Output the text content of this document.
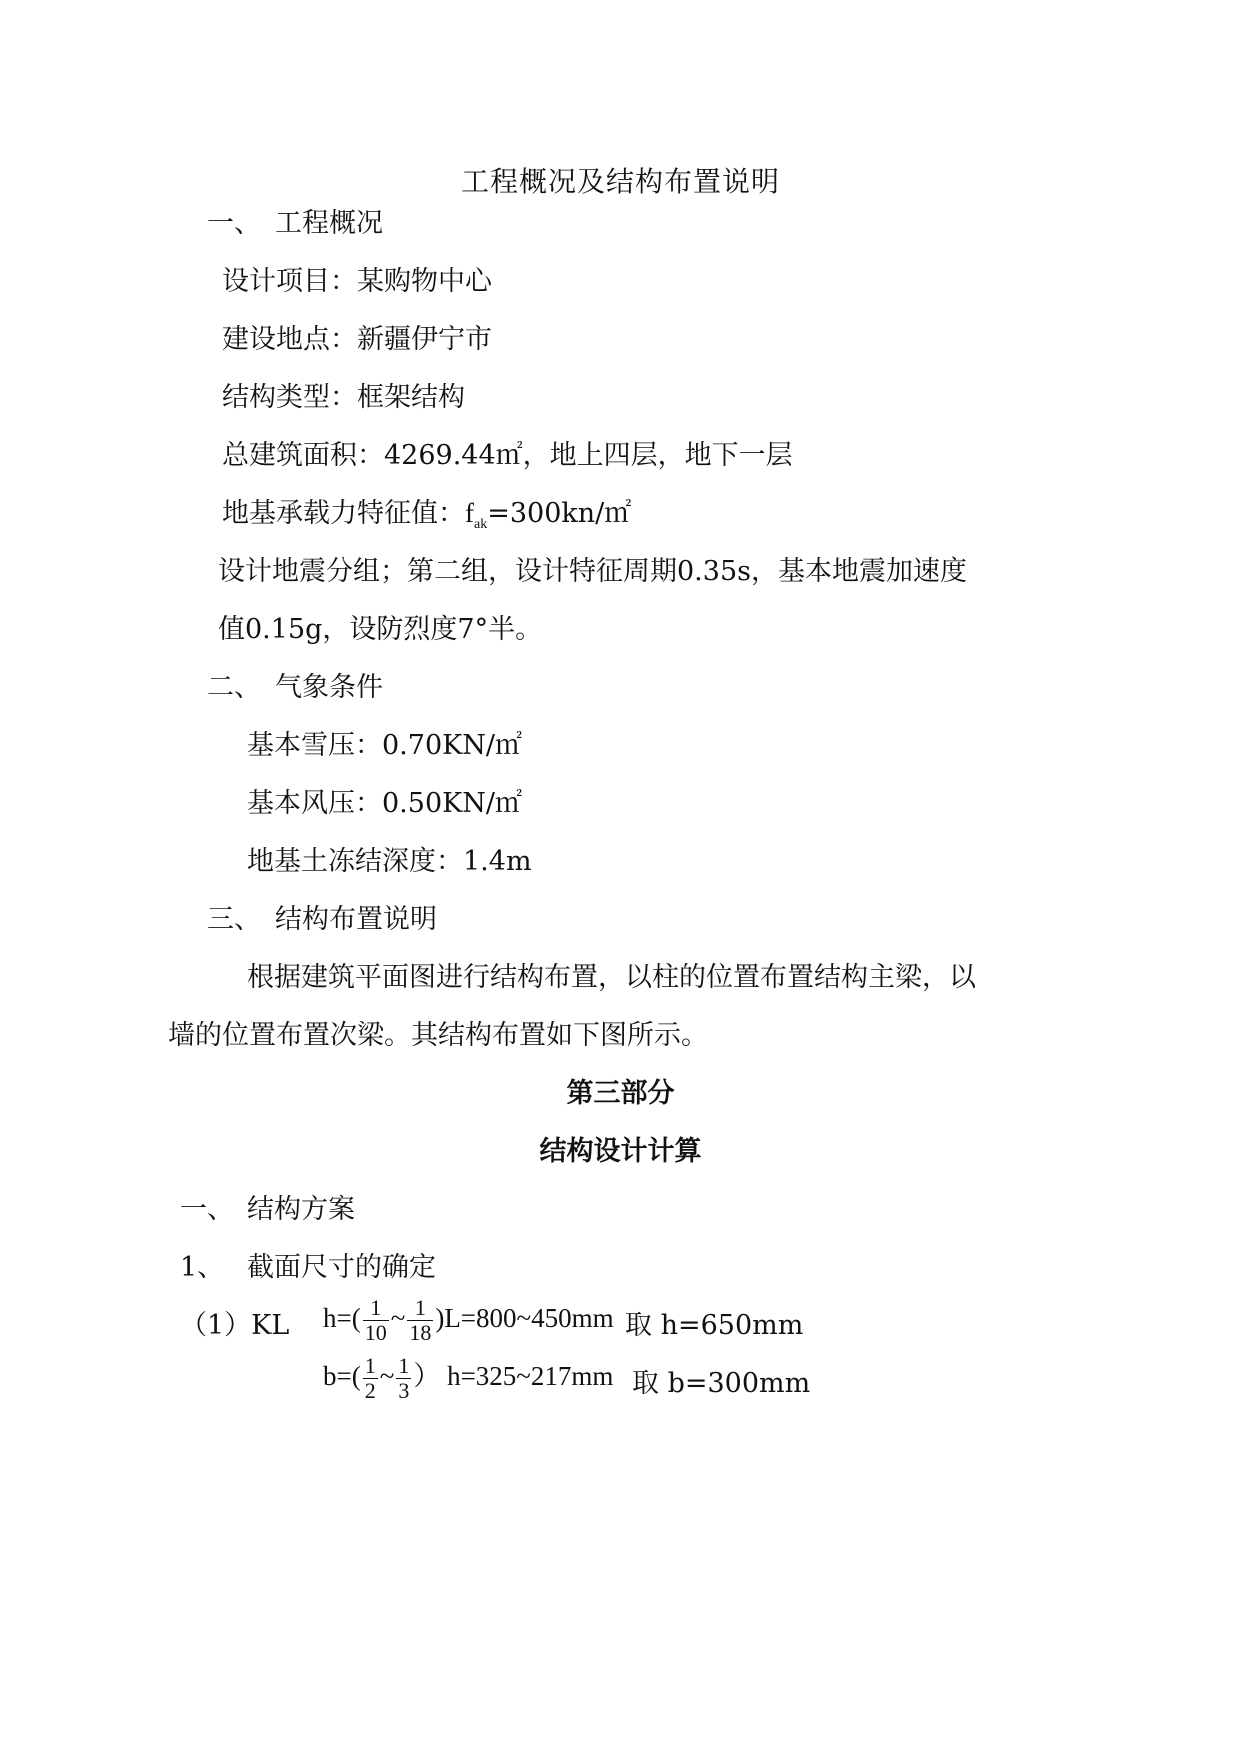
工程概况及结构布置说明
一、 工程概况
设计项目：某购物中心
建设地点：新疆伊宁市
结构类型：框架结构
总建筑面积：4269.44㎡，地上四层，地下一层
地基承载力特征值：$f_{ak}=300kn/㎡$
设计地震分组；第二组，设计特征周期0.35s，基本地震加速度
值0.15g，设防烈度7°半。
二、 气象条件
基本雪压：0.70KN/㎡
基本风压：0.50KN/㎡
地基土冻结深度：1.4m
三、 结构布置说明
根据建筑平面图进行结构布置，以柱的位置布置结构主梁，以
墙的位置布置次梁。其结构布置如下图所示。
第三部分
结构设计计算
一、 结构方案
1、 截面尺寸的确定
（1）KL $h=( \frac{1}{10}$ ~ $\frac{1}{18}$ )L=800~450mm 取 h=650mm
$b=( \frac{1}{2}$ ~ $\frac{1}{3}$ ） h=325~217mm 取 b=300mm
